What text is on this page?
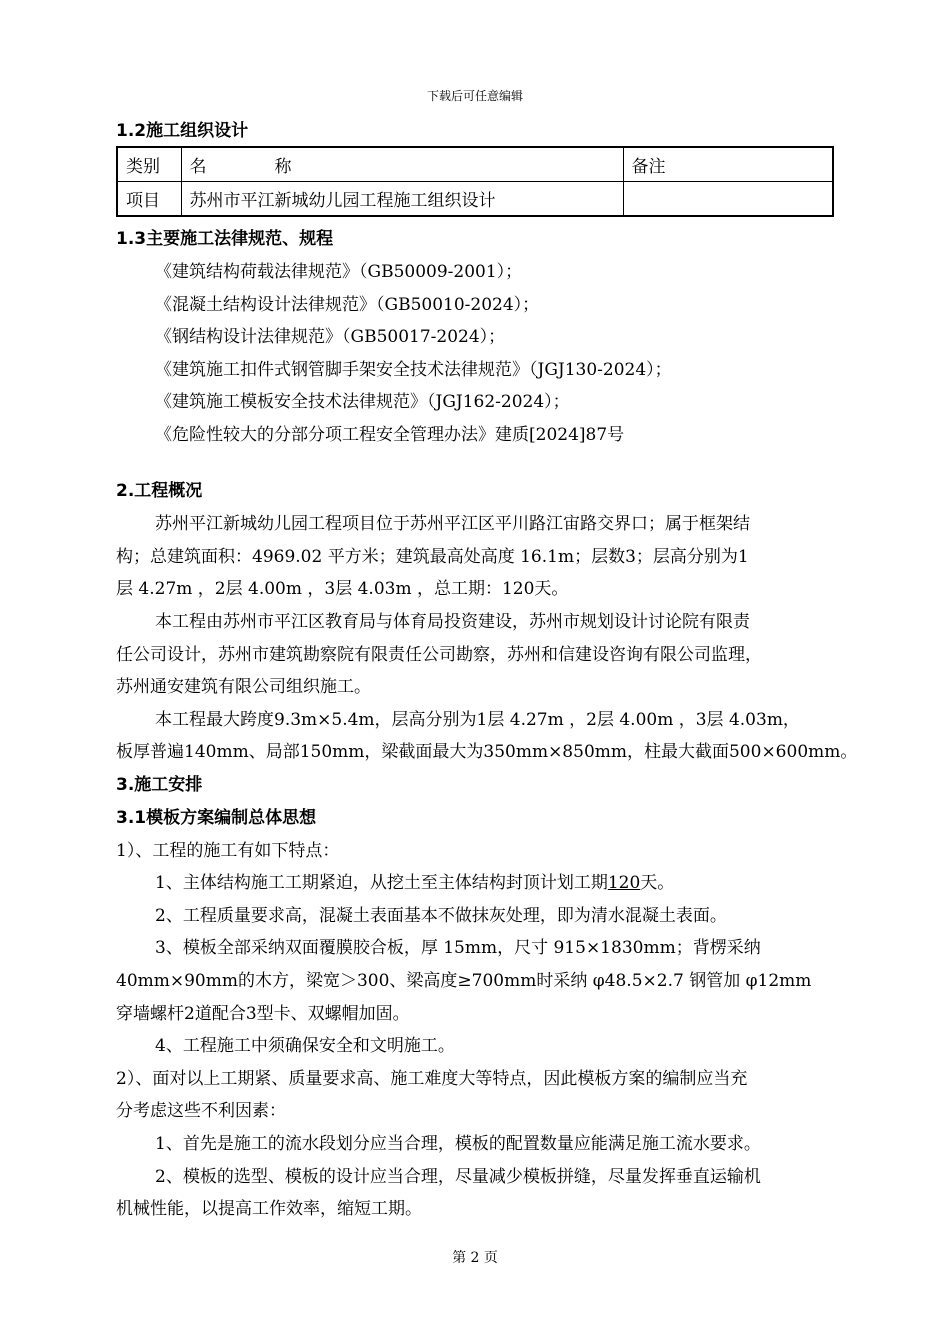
下载后可任意编辑
1.2施工组织设计
类别	名　　　　称	备注
项目	苏州市平江新城幼儿园工程施工组织设计	
1.3主要施工法律规范、规程
《建筑结构荷载法律规范》（GB50009-2001）；
《混凝土结构设计法律规范》（GB50010-2024）；
《钢结构设计法律规范》（GB50017-2024）；
《建筑施工扣件式钢管脚手架安全技术法律规范》（JGJ130-2024）；
《建筑施工模板安全技术法律规范》（JGJ162-2024）；
《危险性较大的分部分项工程安全管理办法》建质[2024]87号
2.工程概况
苏州平江新城幼儿园工程项目位于苏州平江区平川路江宙路交界口；属于框架结
构；总建筑面积：4969.02 平方米；建筑最高处高度 16.1m；层数3；层高分别为1
层 4.27m ，2层 4.00m ，3层 4.03m ，总工期：120天。
本工程由苏州市平江区教育局与体育局投资建设，苏州市规划设计讨论院有限责
任公司设计，苏州市建筑勘察院有限责任公司勘察，苏州和信建设咨询有限公司监理，
苏州通安建筑有限公司组织施工。
本工程最大跨度9.3m×5.4m，层高分别为1层 4.27m ，2层 4.00m ，3层 4.03m，
板厚普遍140mm、局部150mm，梁截面最大为350mm×850mm，柱最大截面500×600mm。
3.施工安排
3.1模板方案编制总体思想
1）、工程的施工有如下特点：
1、主体结构施工工期紧迫，从挖土至主体结构封顶计划工期120天。
2、工程质量要求高，混凝土表面基本不做抹灰处理，即为清水混凝土表面。
3、模板全部采纳双面覆膜胶合板，厚 15mm，尺寸 915×1830mm；背楞采纳
40mm×90mm的木方，梁宽＞300、梁高度≥700mm时采纳 φ48.5×2.7 钢管加 φ12mm
穿墙螺杆2道配合3型卡、双螺帽加固。
4、工程施工中须确保安全和文明施工。
2）、面对以上工期紧、质量要求高、施工难度大等特点，因此模板方案的编制应当充
分考虑这些不利因素：
1、首先是施工的流水段划分应当合理，模板的配置数量应能满足施工流水要求。
2、模板的选型、模板的设计应当合理，尽量减少模板拼缝，尽量发挥垂直运输机
机械性能，以提高工作效率，缩短工期。
第 2 页
